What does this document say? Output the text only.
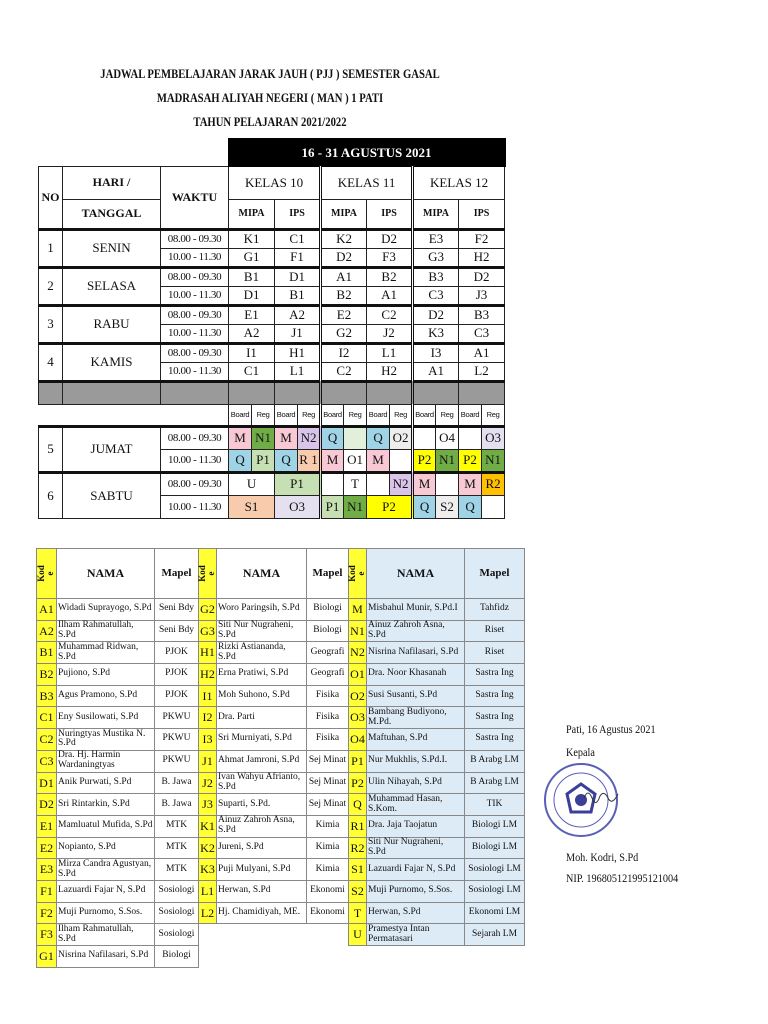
JADWAL PEMBELAJARAN JARAK JAUH ( PJJ ) SEMESTER GASAL
MADRASAH ALIYAH NEGERI ( MAN ) 1 PATI
TAHUN PELAJARAN 2021/2022
			16 - 31 AGUSTUS 2021											
NO	HARI /	WAKTU	KELAS 10				KELAS 11				KELAS 12			
	TANGGAL		MIPA		IPS		MIPA		IPS		MIPA		IPS	
1	SENIN	08.00 - 09.30	K1		C1		K2		D2		E3		F2	
		10.00 - 11.30	G1		F1		D2		F3		G3		H2	
2	SELASA	08.00 - 09.30	B1		D1		A1		B2		B3		D2	
		10.00 - 11.30	D1		B1		B2		A1		C3		J3	
3	RABU	08.00 - 09.30	E1		A2		E2		C2		D2		B3	
		10.00 - 11.30	A2		J1		G2		J2		K3		C3	
4	KAMIS	08.00 - 09.30	I1		H1		I2		L1		I3		A1	
		10.00 - 11.30	C1		L1		C2		H2		A1		L2	

			Board	Reg	Board	Reg	Board	Reg	Board	Reg	Board	Reg	Board	Reg
5	JUMAT	08.00 - 09.30	M	N1	M	N2	Q		Q	O2		O4		O3
		10.00 - 11.30	Q	P1	Q	R 1	M	O1	M		P2	N1	P2	N1
6	SABTU	08.00 - 09.30	U		P1			T		N2	M		M	R2
		10.00 - 11.30	S1		O3		P1	N1	P2		Q	S2	Q	
Kode	NAMA	Mapel
A1	Widadi Suprayogo, S.Pd	Seni Bdy
A2	Ilham Rahmatullah, S.Pd	Seni Bdy
B1	Muhammad Ridwan, S.Pd	PJOK
B2	Pujiono, S.Pd	PJOK
B3	Agus Pramono, S.Pd	PJOK
C1	Eny Susilowati, S.Pd	PKWU
C2	Nuringtyas Mustika N. S.Pd	PKWU
C3	Dra. Hj. Harmin Wardaningtyas	PKWU
D1	Anik Purwati, S.Pd	B. Jawa
D2	Sri Rintarkin, S.Pd	B. Jawa
E1	Mamluatul Mufida, S.Pd	MTK
E2	Nopianto, S.Pd	MTK
E3	Mirza Candra Agustyan, S.Pd	MTK
F1	Lazuardi Fajar N, S.Pd	Sosiologi
F2	Muji Purnomo, S.Sos.	Sosiologi
F3	Ilham Rahmatullah, S.Pd	Sosiologi
G1	Nisrina Nafilasari, S.Pd	Biologi
Kode	NAMA	Mapel
G2	Woro Paringsih, S.Pd	Biologi
G3	Siti Nur Nugraheni, S.Pd	Biologi
H1	Rizki Astiananda, S.Pd	Geografi
H2	Erna Pratiwi, S.Pd	Geografi
I1	Moh Suhono, S.Pd	Fisika
I2	Dra. Parti	Fisika
I3	Sri Murniyati, S.Pd	Fisika
J1	Ahmat Jamroni, S.Pd	Sej Minat
J2	Ivan Wahyu Afrianto, S.Pd	Sej Minat
J3	Suparti, S.Pd.	Sej Minat
K1	Ainuz Zahroh Asna, S.Pd	Kimia
K2	Jureni, S.Pd	Kimia
K3	Puji Mulyani, S.Pd	Kimia
L1	Herwan, S.Pd	Ekonomi
L2	Hj. Chamidiyah, ME.	Ekonomi
Kode	NAMA	Mapel
M	Misbahul Munir, S.Pd.I	Tahfidz
N1	Ainuz Zahroh Asna, S.Pd	Riset
N2	Nisrina Nafilasari, S.Pd	Riset
O1	Dra. Noor Khasanah	Sastra Ing
O2	Susi Susanti, S.Pd	Sastra Ing
O3	Bambang Budiyono, M.Pd.	Sastra Ing
O4	Maftuhan, S.Pd	Sastra Ing
P1	Nur Mukhlis, S.Pd.I.	B Arabg LM
P2	Ulin Nihayah, S.Pd	B Arabg LM
Q	Muhammad Hasan, S.Kom.	TIK
R1	Dra. Jaja Taojatun	Biologi LM
R2	Siti Nur Nugraheni, S.Pd	Biologi LM
S1	Lazuardi Fajar N, S.Pd	Sosiologi LM
S2	Muji Purnomo, S.Sos.	Sosiologi LM
T	Herwan, S.Pd	Ekonomi LM
U	Pramestya Intan Permatasari	Sejarah LM
Pati, 16 Agustus 2021
Kepala
Moh. Kodri, S.Pd
NIP. 196805121995121004
